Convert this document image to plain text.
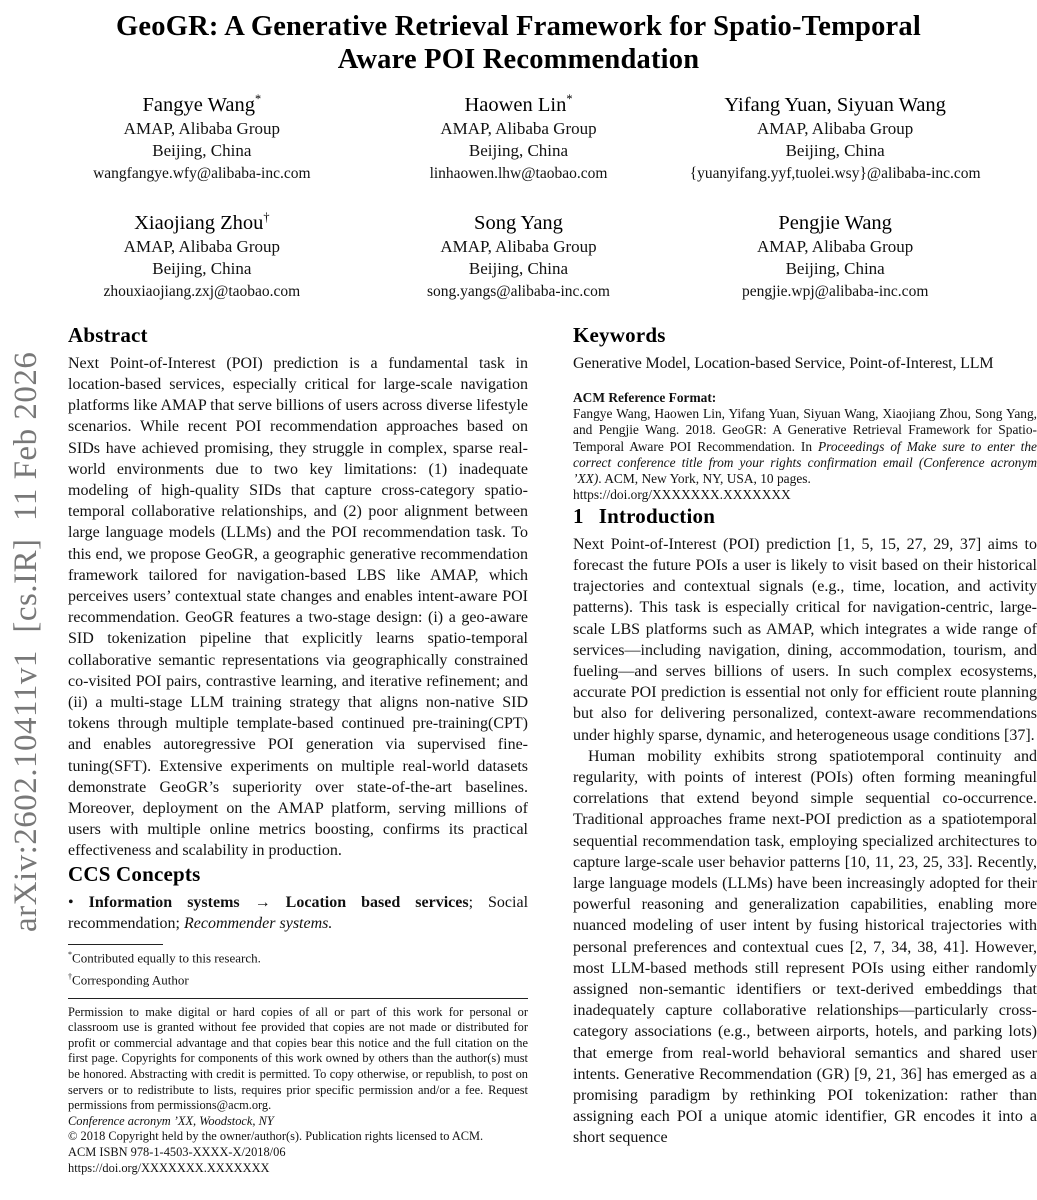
arXiv:2602.10411v1  [cs.IR]  11 Feb 2026
GeoGR: A Generative Retrieval Framework for Spatio-Temporal Aware POI Recommendation
Fangye Wang*
AMAP, Alibaba Group
Beijing, China
wangfangye.wfy@alibaba-inc.com
Haowen Lin*
AMAP, Alibaba Group
Beijing, China
linhaowen.lhw@taobao.com
Yifang Yuan, Siyuan Wang
AMAP, Alibaba Group
Beijing, China
{yuanyifang.yyf,tuolei.wsy}@alibaba-inc.com
Xiaojiang Zhou†
AMAP, Alibaba Group
Beijing, China
zhouxiaojiang.zxj@taobao.com
Song Yang
AMAP, Alibaba Group
Beijing, China
song.yangs@alibaba-inc.com
Pengjie Wang
AMAP, Alibaba Group
Beijing, China
pengjie.wpj@alibaba-inc.com
Abstract

Next Point-of-Interest (POI) prediction is a fundamental task in location-based services, especially critical for large-scale navigation platforms like AMAP that serve billions of users across diverse lifestyle scenarios. While recent POI recommendation approaches based on SIDs have achieved promising, they struggle in complex, sparse real-world environments due to two key limitations: (1) inadequate modeling of high-quality SIDs that capture cross-category spatio-temporal collaborative relationships, and (2) poor alignment between large language models (LLMs) and the POI recommendation task. To this end, we propose GeoGR, a geographic generative recommendation framework tailored for navigation-based LBS like AMAP, which perceives users’ contextual state changes and enables intent-aware POI recommendation. GeoGR features a two-stage design: (i) a geo-aware SID tokenization pipeline that explicitly learns spatio-temporal collaborative semantic representations via geographically constrained co-visited POI pairs, contrastive learning, and iterative refinement; and (ii) a multi-stage LLM training strategy that aligns non-native SID tokens through multiple template-based continued pre-training(CPT) and enables autoregressive POI generation via supervised fine-tuning(SFT). Extensive experiments on multiple real-world datasets demonstrate GeoGR’s superiority over state-of-the-art baselines. Moreover, deployment on the AMAP platform, serving millions of users with multiple online metrics boosting, confirms its practical effectiveness and scalability in production.

CCS Concepts

• Information systems → Location based services; Social recommendation; Recommender systems.

*Contributed equally to this research.
†Corresponding Author

Permission to make digital or hard copies of all or part of this work for personal or classroom use is granted without fee provided that copies are not made or distributed for profit or commercial advantage and that copies bear this notice and the full citation on the first page. Copyrights for components of this work owned by others than the author(s) must be honored. Abstracting with credit is permitted. To copy otherwise, or republish, to post on servers or to redistribute to lists, requires prior specific permission and/or a fee. Request permissions from permissions@acm.org.

Conference acronym ’XX, Woodstock, NY

© 2018 Copyright held by the owner/author(s). Publication rights licensed to ACM.

ACM ISBN 978-1-4503-XXXX-X/2018/06

https://doi.org/XXXXXXX.XXXXXXX

Keywords

Generative Model, Location-based Service, Point-of-Interest, LLM

ACM Reference Format:

Fangye Wang, Haowen Lin, Yifang Yuan, Siyuan Wang, Xiaojiang Zhou, Song Yang, and Pengjie Wang. 2018. GeoGR: A Generative Retrieval Framework for Spatio-Temporal Aware POI Recommendation. In Proceedings of Make sure to enter the correct conference title from your rights confirmation email (Conference acronym ’XX). ACM, New York, NY, USA, 10 pages.

https://doi.org/XXXXXXX.XXXXXXX

1 Introduction

Next Point-of-Interest (POI) prediction [1, 5, 15, 27, 29, 37] aims to forecast the future POIs a user is likely to visit based on their historical trajectories and contextual signals (e.g., time, location, and activity patterns). This task is especially critical for navigation-centric, large-scale LBS platforms such as AMAP, which integrates a wide range of services—including navigation, dining, accommodation, tourism, and fueling—and serves billions of users. In such complex ecosystems, accurate POI prediction is essential not only for efficient route planning but also for delivering personalized, context-aware recommendations under highly sparse, dynamic, and heterogeneous usage conditions [37].

Human mobility exhibits strong spatiotemporal continuity and regularity, with points of interest (POIs) often forming meaningful correlations that extend beyond simple sequential co-occurrence. Traditional approaches frame next-POI prediction as a spatiotemporal sequential recommendation task, employing specialized architectures to capture large-scale user behavior patterns [10, 11, 23, 25, 33]. Recently, large language models (LLMs) have been increasingly adopted for their powerful reasoning and generalization capabilities, enabling more nuanced modeling of user intent by fusing historical trajectories with personal preferences and contextual cues [2, 7, 34, 38, 41]. However, most LLM-based methods still represent POIs using either randomly assigned non-semantic identifiers or text-derived embeddings that inadequately capture collaborative relationships—particularly cross-category associations (e.g., between airports, hotels, and parking lots) that emerge from real-world behavioral semantics and shared user intents. Generative Recommendation (GR) [9, 21, 36] has emerged as a promising paradigm by rethinking POI tokenization: rather than assigning each POI a unique atomic identifier, GR encodes it into a short sequence
